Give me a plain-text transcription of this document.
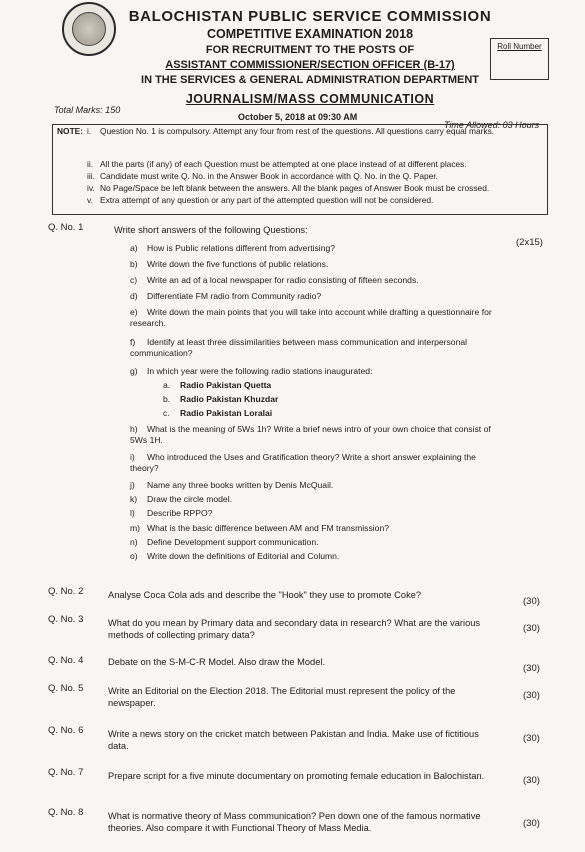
BALOCHISTAN PUBLIC SERVICE COMMISSION
COMPETITIVE EXAMINATION 2018
FOR RECRUITMENT TO THE POSTS OF
ASSISTANT COMMISSIONER/SECTION OFFICER (B-17)
IN THE SERVICES & GENERAL ADMINISTRATION DEPARTMENT
JOURNALISM/MASS COMMUNICATION
Roll Number
Total Marks: 150
October 5, 2018 at 09:30 AM
Time Allowed: 03 Hours
NOTE: i. Question No. 1 is compulsory. Attempt any four from rest of the questions. All questions carry equal marks.
ii. All the parts (if any) of each Question must be attempted at one place instead of at different places.
iii. Candidate must write Q. No. in the Answer Book in accordance with Q. No. in the Q. Paper.
iv. No Page/Space be left blank between the answers. All the blank pages of Answer Book must be crossed.
v. Extra attempt of any question or any part of the attempted question will not be considered.
Q. No. 1	Write short answers of the following Questions:
(2x15)
a) How is Public relations different from advertising?
b) Write down the five functions of public relations.
c) Write an ad of a local newspaper for radio consisting of fifteen seconds.
d) Differentiate FM radio from Community radio?
e) Write down the main points that you will take into account while drafting a questionnaire for research.
f) Identify at least three dissimilarities between mass communication and interpersonal communication?
g) In which year were the following radio stations inaugurated:
a. Radio Pakistan Quetta
b. Radio Pakistan Khuzdar
c. Radio Pakistan Loralai
h) What is the meaning of 5Ws 1h? Write a brief news intro of your own choice that consist of 5Ws 1H.
i) Who introduced the Uses and Gratification theory? Write a short answer explaining the theory?
j) Name any three books written by Denis McQuail.
k) Draw the circle model.
l) Describe RPPO?
m) What is the basic difference between AM and FM transmission?
n) Define Development support communication.
o) Write down the definitions of Editorial and Column.
Q. No. 2	Analyse Coca Cola ads and describe the "Hook" they use to promote Coke?
(30)
Q. No. 3	What do you mean by Primary data and secondary data in research? What are the various methods of collecting primary data?
(30)
Q. No. 4	Debate on the S-M-C-R Model. Also draw the Model.
(30)
Q. No. 5	Write an Editorial on the Election 2018. The Editorial must represent the policy of the newspaper.
(30)
Q. No. 6	Write a news story on the cricket match between Pakistan and India. Make use of fictitious data.
(30)
Q. No. 7	Prepare script for a five minute documentary on promoting female education in Balochistan.	(30)
Q. No. 8	What is normative theory of Mass communication? Pen down one of the famous normative theories. Also compare it with Functional Theory of Mass Media.	(30)
